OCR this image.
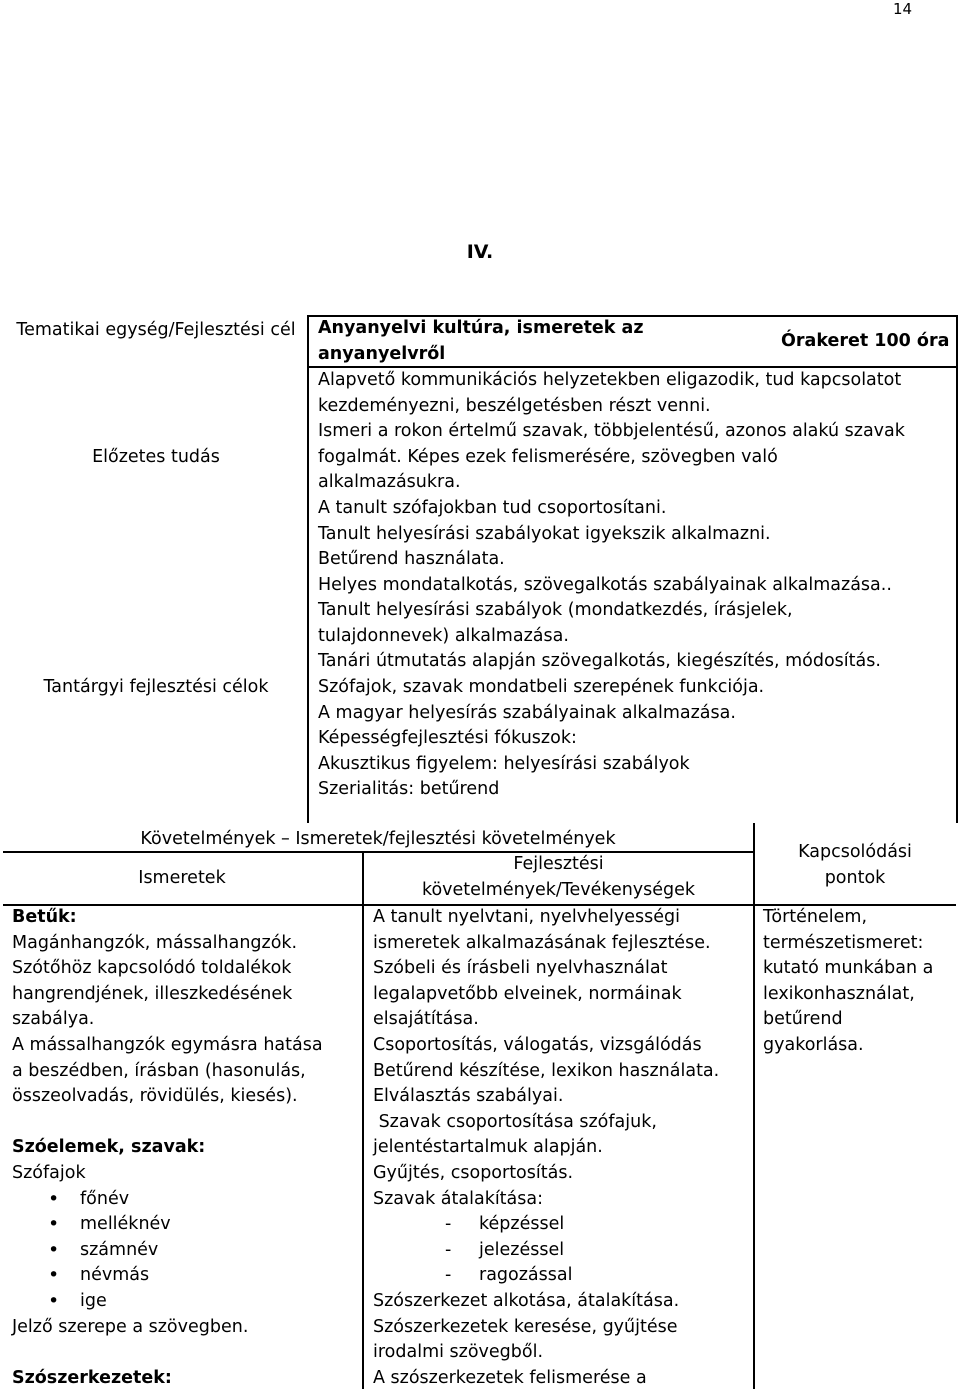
14
IV.
Tematikai egység/Fejlesztési cél	Anyanyelvi kultúra, ismeretek az
anyanyelvről
Órakeret 100 óra
Előzetes tudás
Alapvető kommunikációs helyzetekben eligazodik, tud kapcsolatot
kezdeményezni, beszélgetésben részt venni.
Ismeri a rokon értelmű szavak, többjelentésű, azonos alakú szavak
fogalmát. Képes ezek felismerésére, szövegben való
alkalmazásukra.
A tanult szófajokban tud csoportosítani.
Tanult helyesírási szabályokat igyekszik alkalmazni.
Tantárgyi fejlesztési célok
Betűrend használata.
Helyes mondatalkotás, szövegalkotás szabályainak alkalmazása..
Tanult helyesírási szabályok (mondatkezdés, írásjelek,
tulajdonnevek) alkalmazása.
Tanári útmutatás alapján szövegalkotás, kiegészítés, módosítás.
Szófajok, szavak mondatbeli szerepének funkciója.
A magyar helyesírás szabályainak alkalmazása.
Képességfejlesztési fókuszok:
Akusztikus figyelem: helyesírási szabályok
Szerialitás: betűrend
Követelmények – Ismeretek/fejlesztési követelmények
Ismeretek
Fejlesztési
követelmények/Tevékenységek
Kapcsolódási
pontok
Betűk:
Magánhangzók, mássalhangzók.
Szótőhöz kapcsolódó toldalékok
hangrendjének, illeszkedésének
szabálya.
A mássalhangzók egymásra hatása
a beszédben, írásban (hasonulás,
összeolvadás, rövidülés, kiesés).
Szóelemek, szavak:
Szófajok
• főnév
• melléknév
• számnév
• névmás
• ige
Jelző szerepe a szövegben.
Szószerkezetek:
A tanult nyelvtani, nyelvhelyességi
ismeretek alkalmazásának fejlesztése.
Szóbeli és írásbeli nyelvhasználat
legalapvetőbb elveinek, normáinak
elsajátítása.
Csoportosítás, válogatás, vizsgálódás
Betűrend készítése, lexikon használata.
Elválasztás szabályai.
Szavak csoportosítása szófajuk,
jelentéstartalmuk alapján.
Gyűjtés, csoportosítás.
Szavak átalakítása:
- képzéssel
- jelezéssel
- ragozással
Szószerkezet alkotása, átalakítása.
Szószerkezetek keresése, gyűjtése
irodalmi szövegből.
A szószerkezetek felismerése a
Történelem,
természetismeret:
kutató munkában a
lexikonhasználat,
betűrend
gyakorlása.
